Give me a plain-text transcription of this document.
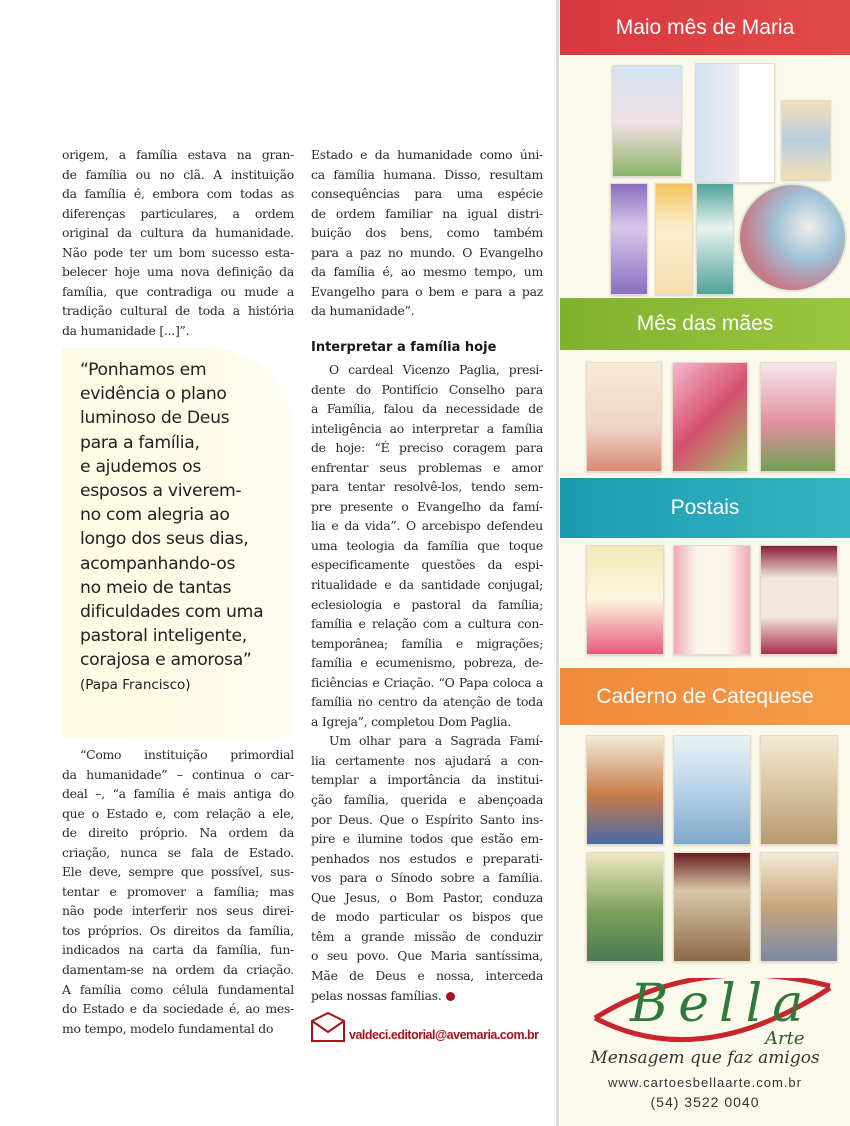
origem, a família estava na gran-
de família ou no clã. A instituição
da família é, embora com todas as
diferenças particulares, a ordem
original da cultura da humanidade.
Não pode ter um bom sucesso esta-
belecer hoje uma nova definição da
família, que contradiga ou mude a
tradição cultural de toda a história
da humanidade [...]”.
“Ponhamos em
evidência o plano
luminoso de Deus
para a família,
e ajudemos os
esposos a viverem-
no com alegria ao
longo dos seus dias,
acompanhando-os
no meio de tantas
dificuldades com uma
pastoral inteligente,
corajosa e amorosa”
(Papa Francisco)
“Como instituição primordial
da humanidade” – continua o car-
deal –, “a família é mais antiga do
que o Estado e, com relação a ele,
de direito próprio. Na ordem da
criação, nunca se fala de Estado.
Ele deve, sempre que possível, sus-
tentar e promover a família; mas
não pode interferir nos seus direi-
tos próprios. Os direitos da família,
indicados na carta da família, fun-
damentam-se na ordem da criação.
A família como célula fundamental
do Estado e da sociedade é, ao mes-
mo tempo, modelo fundamental do
Estado e da humanidade como úni-
ca família humana. Disso, resultam
consequências para uma espécie
de ordem familiar na igual distri-
buição dos bens, como também
para a paz no mundo. O Evangelho
da família é, ao mesmo tempo, um
Evangelho para o bem e para a paz
da humanidade”.
Interpretar a família hoje
O cardeal Vicenzo Paglia, presi-
dente do Pontifício Conselho para
a Família, falou da necessidade de
inteligência ao interpretar a família
de hoje: “É preciso coragem para
enfrentar seus problemas e amor
para tentar resolvê-los, tendo sem-
pre presente o Evangelho da famí-
lia e da vida”. O arcebispo defendeu
uma teologia da família que toque
especificamente questões da espi-
ritualidade e da santidade conjugal;
eclesiologia e pastoral da família;
família e relação com a cultura con-
temporânea; família e migrações;
família e ecumenismo, pobreza, de-
ficiências e Criação. “O Papa coloca a
família no centro da atenção de toda
a Igreja”, completou Dom Paglia.
Um olhar para a Sagrada Famí-
lia certamente nos ajudará a con-
templar a importância da institui-
ção família, querida e abençoada
por Deus. Que o Espírito Santo ins-
pire e ilumine todos que estão em-
penhados nos estudos e preparati-
vos para o Sínodo sobre a família.
Que Jesus, o Bom Pastor, conduza
de modo particular os bispos que
têm a grande missão de conduzir
o seu povo. Que Maria santíssima,
Mãe de Deus e nossa, interceda
pelas nossas famílias.
valdeci.editorial@avemaria.com.br
Maio mês de Maria
Mês das mães
Postais
Caderno de Catequese
Bella
Arte
Mensagem que faz amigos
www.cartoesbellaarte.com.br
(54) 3522 0040
